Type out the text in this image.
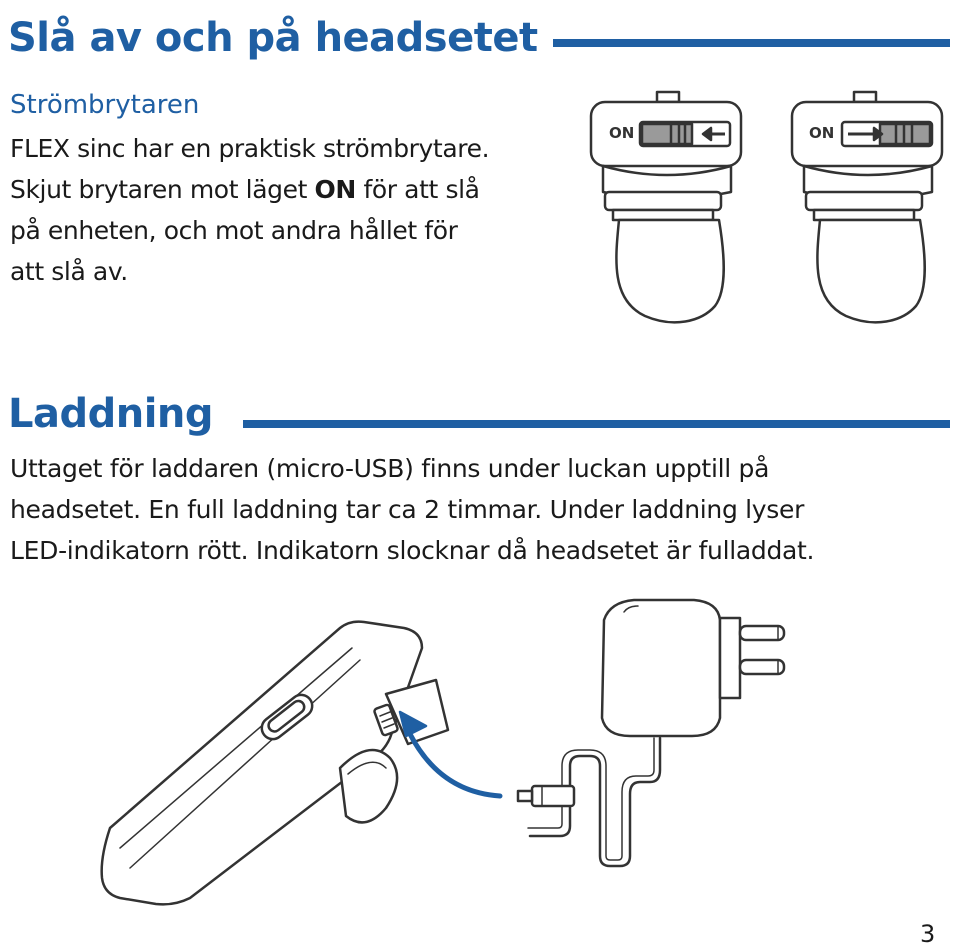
Slå av och på headsetet
Strömbrytaren

FLEX sinc har en praktisk strömbrytare.

Skjut brytaren mot läget ON för att slå

på enheten, och mot andra hållet för

att slå av.

ON	ON
Laddning

Uttaget för laddaren (micro-USB) finns under luckan upptill på

headsetet. En full laddning tar ca 2 timmar. Under laddning lyser

LED-indikatorn rött. Indikatorn slocknar då headsetet är fulladdat.

3
